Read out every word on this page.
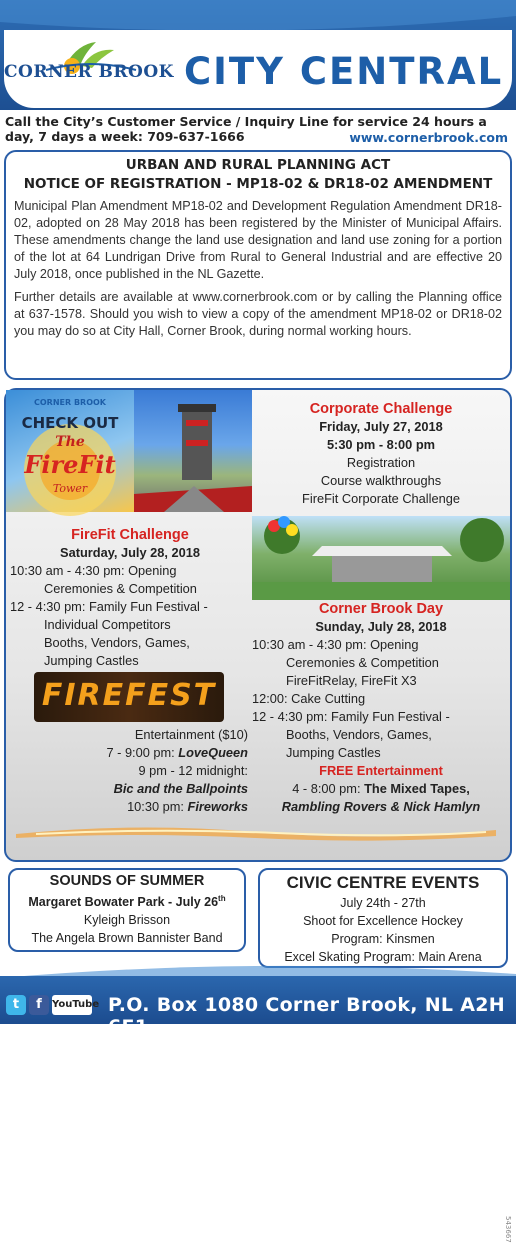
CORNER BROOK CITY CENTRAL
Call the City’s Customer Service / Inquiry Line for service 24 hours a day, 7 days a week: 709-637-1666	www.cornerbrook.com
URBAN AND RURAL PLANNING ACT
NOTICE OF REGISTRATION - MP18-02 & DR18-02 AMENDMENT

Municipal Plan Amendment MP18-02 and Development Regulation Amendment DR18-02, adopted on 28 May 2018 has been registered by the Minister of Municipal Affairs. These amendments change the land use designation and land use zoning for a portion of the lot at 64 Lundrigan Drive from Rural to General Industrial and are effective 20 July 2018, once published in the NL Gazette.

Further details are available at www.cornerbrook.com or by calling the Planning office at 637-1578. Should you wish to view a copy of the amendment MP18-02 or DR18-02 you may do so at City Hall, Corner Brook, during normal working hours.

CORNER BROOK
CHECK OUT
The
FireFit
Tower
Corporate Challenge
Friday, July 27, 2018
5:30 pm - 8:00 pm
Registration
Course walkthroughs
FireFit Corporate Challenge
FireFit Challenge
Saturday, July 28, 2018
10:30 am - 4:30 pm: Opening
Ceremonies & Competition
12 - 4:30 pm: Family Fun Festival -
Individual Competitors
Booths, Vendors, Games,
Jumping Castles
FIREFEST
Entertainment ($10)
7 - 9:00 pm: LoveQueen
9 pm - 12 midnight:
Bic and the Ballpoints
10:30 pm: Fireworks
Corner Brook Day
Sunday, July 28, 2018
10:30 am - 4:30 pm: Opening
Ceremonies & Competition
FireFitRelay, FireFit X3
12:00: Cake Cutting
12 - 4:30 pm: Family Fun Festival -
Booths, Vendors, Games,
Jumping Castles
FREE Entertainment
4 - 8:00 pm: The Mixed Tapes,
Rambling Rovers & Nick Hamlyn
543667
SOUNDS OF SUMMER
Margaret Bowater Park - July 26th
Kyleigh Brisson
The Angela Brown Bannister Band
CIVIC CENTRE EVENTS
July 24th - 27th
Shoot for Excellence Hockey
Program: Kinsmen
Excel Skating Program: Main Arena
t f YouTube P.O. Box 1080 Corner Brook, NL A2H 6E1
